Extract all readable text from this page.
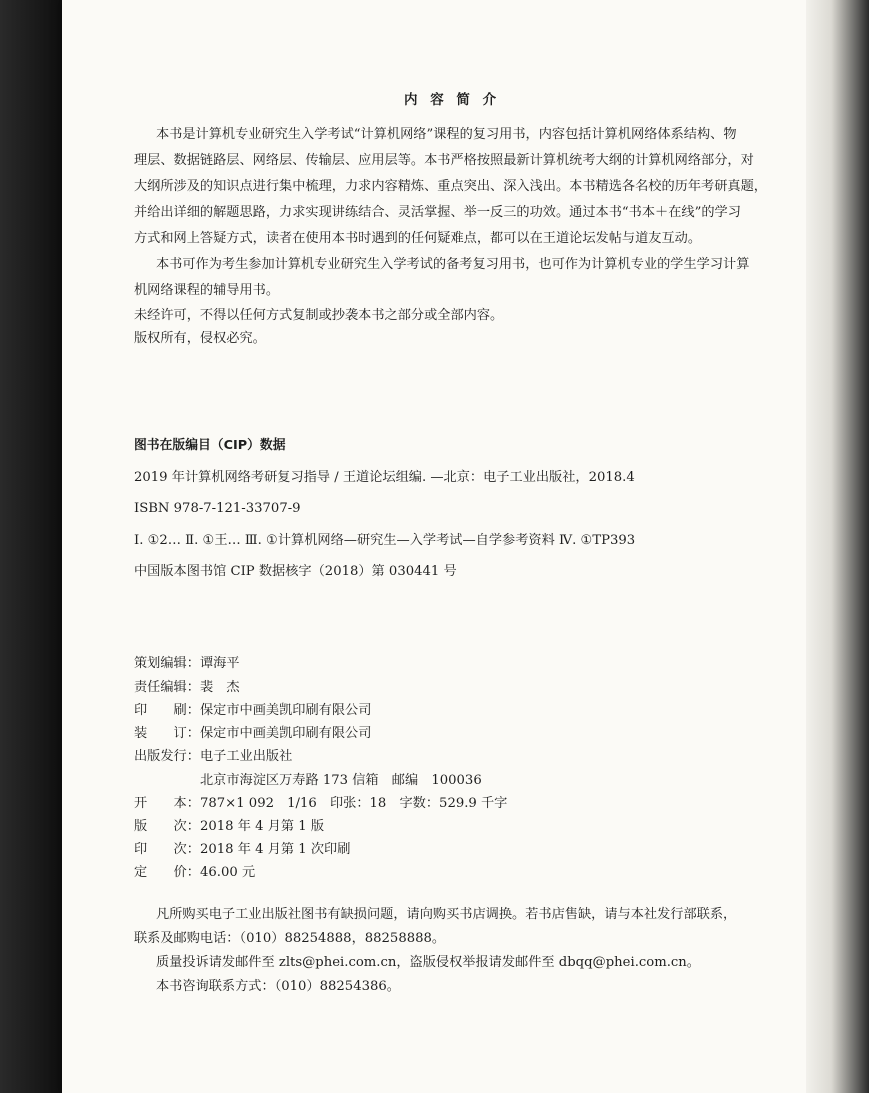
内 容 简 介
本书是计算机专业研究生入学考试“计算机网络”课程的复习用书，内容包括计算机网络体系结构、物
理层、数据链路层、网络层、传输层、应用层等。本书严格按照最新计算机统考大纲的计算机网络部分，对
大纲所涉及的知识点进行集中梳理，力求内容精炼、重点突出、深入浅出。本书精选各名校的历年考研真题，
并给出详细的解题思路，力求实现讲练结合、灵活掌握、举一反三的功效。通过本书“书本＋在线”的学习
方式和网上答疑方式，读者在使用本书时遇到的任何疑难点，都可以在王道论坛发帖与道友互动。
本书可作为考生参加计算机专业研究生入学考试的备考复习用书，也可作为计算机专业的学生学习计算
机网络课程的辅导用书。
未经许可，不得以任何方式复制或抄袭本书之部分或全部内容。
版权所有，侵权必究。
图书在版编目（CIP）数据
2019 年计算机网络考研复习指导 / 王道论坛组编. —北京：电子工业出版社，2018.4
ISBN 978-7-121-33707-9
Ⅰ. ①2… Ⅱ. ①王… Ⅲ. ①计算机网络—研究生—入学考试—自学参考资料 Ⅳ. ①TP393
中国版本图书馆 CIP 数据核字（2018）第 030441 号
策划编辑：谭海平
责任编辑：裴　杰
印　　刷：保定市中画美凯印刷有限公司
装　　订：保定市中画美凯印刷有限公司
出版发行：电子工业出版社
北京市海淀区万寿路 173 信箱　邮编　100036
开　　本：787×1 092　1/16　印张：18　字数：529.9 千字
版　　次：2018 年 4 月第 1 版
印　　次：2018 年 4 月第 1 次印刷
定　　价：46.00 元
凡所购买电子工业出版社图书有缺损问题，请向购买书店调换。若书店售缺，请与本社发行部联系，
联系及邮购电话：（010）88254888，88258888。
质量投诉请发邮件至 zlts@phei.com.cn，盗版侵权举报请发邮件至 dbqq@phei.com.cn。
本书咨询联系方式：（010）88254386。
